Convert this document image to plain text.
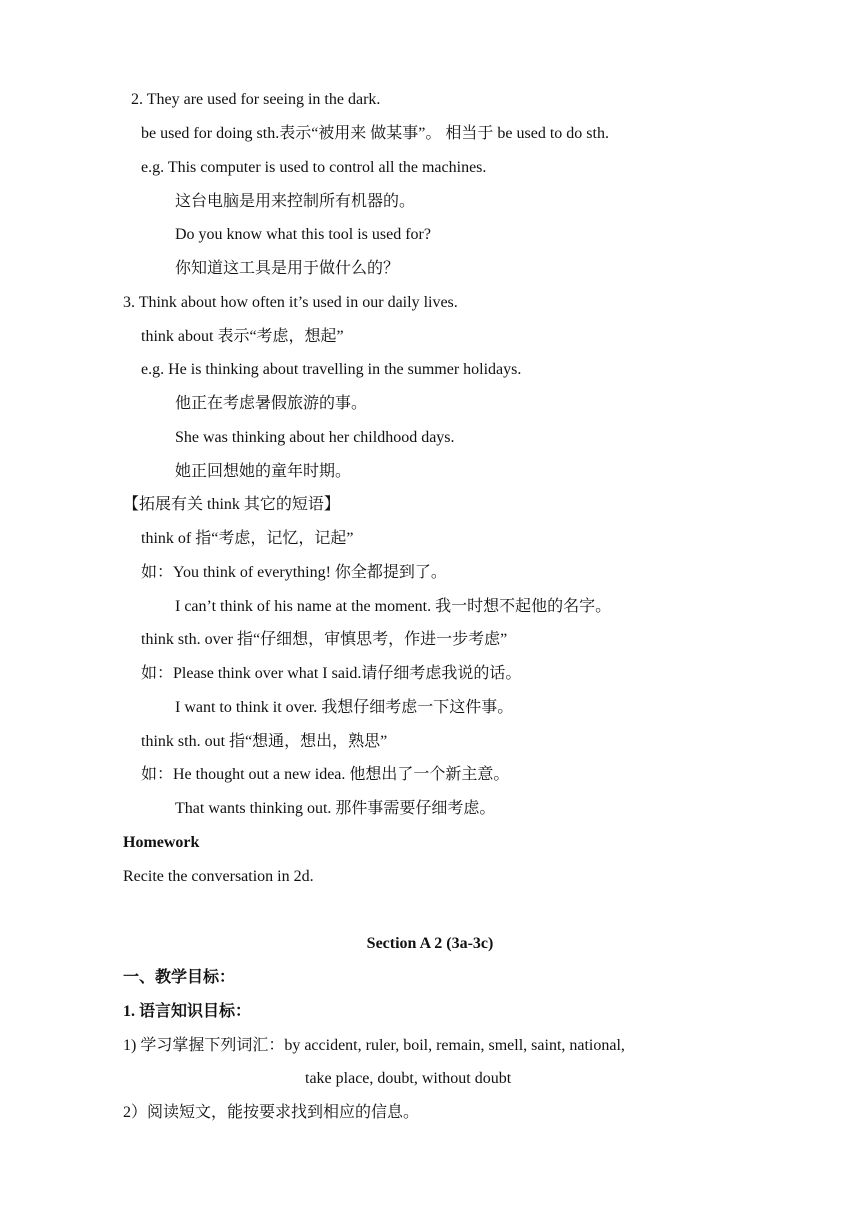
2. They are used for seeing in the dark.
be used for doing sth.表示“被用来 做某事”。 相当于 be used to do sth.
e.g. This computer is used to control all the machines.
这台电脑是用来控制所有机器的。
Do you know what this tool is used for?
你知道这工具是用于做什么的？
3. Think about how often it’s used in our daily lives.
think about 表示“考虑，想起”
e.g. He is thinking about travelling in the summer holidays.
他正在考虑暑假旅游的事。
She was thinking about her childhood days.
她正回想她的童年时期。
【拓展有关 think 其它的短语】
think of 指“考虑，记忆，记起”
如：You think of everything! 你全都提到了。
I can’t think of his name at the moment. 我一时想不起他的名字。
think sth. over 指“仔细想，审慎思考，作进一步考虑”
如：Please think over what I said.请仔细考虑我说的话。
I want to think it over. 我想仔细考虑一下这件事。
think sth. out 指“想通，想出，熟思”
如：He thought out a new idea. 他想出了一个新主意。
That wants thinking out. 那件事需要仔细考虑。
Homework
Recite the conversation in 2d.
Section A 2 (3a-3c)
一、教学目标：
1. 语言知识目标：
1) 学习掌握下列词汇：by accident, ruler, boil, remain, smell, saint, national,
take place, doubt, without doubt
2）阅读短文，能按要求找到相应的信息。
